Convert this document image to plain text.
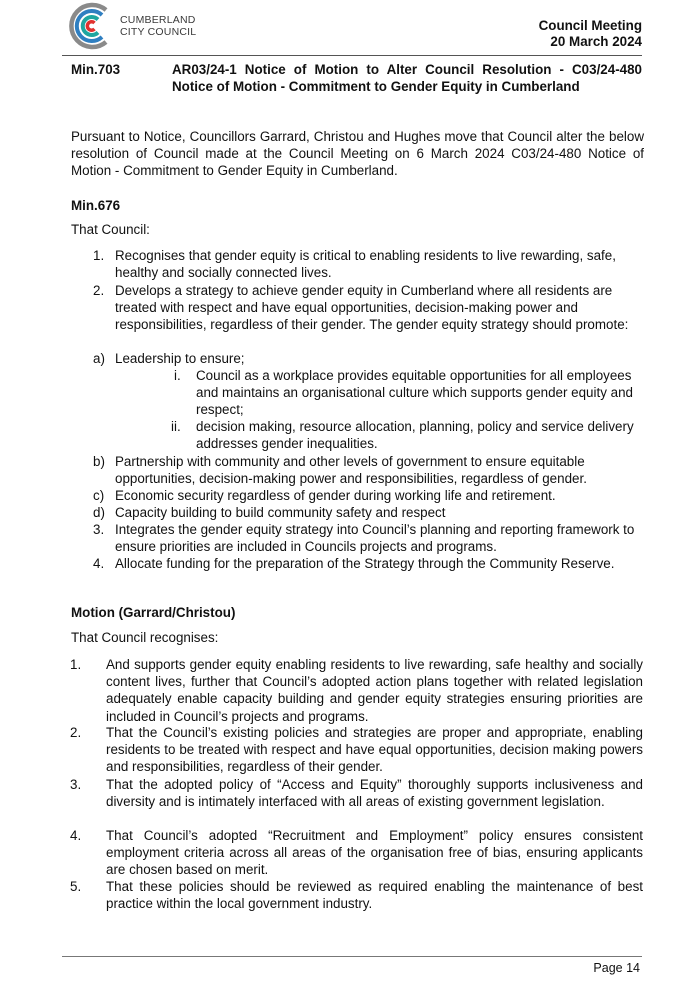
CUMBERLAND
CITY COUNCIL	Council Meeting
20 March 2024
Min.703	AR03/24-1 Notice of Motion to Alter Council Resolution - C03/24-480 Notice of Motion - Commitment to Gender Equity in Cumberland
Pursuant to Notice, Councillors Garrard, Christou and Hughes move that Council alter the below resolution of Council made at the Council Meeting on 6 March 2024 C03/24-480 Notice of Motion - Commitment to Gender Equity in Cumberland.
Min.676
That Council:
1. Recognises that gender equity is critical to enabling residents to live rewarding, safe, healthy and socially connected lives.
2. Develops a strategy to achieve gender equity in Cumberland where all residents are treated with respect and have equal opportunities, decision-making power and responsibilities, regardless of their gender. The gender equity strategy should promote:
a) Leadership to ensure;
i. Council as a workplace provides equitable opportunities for all employees and maintains an organisational culture which supports gender equity and respect;
ii. decision making, resource allocation, planning, policy and service delivery addresses gender inequalities.
b) Partnership with community and other levels of government to ensure equitable opportunities, decision-making power and responsibilities, regardless of gender.
c) Economic security regardless of gender during working life and retirement.
d) Capacity building to build community safety and respect
3. Integrates the gender equity strategy into Council’s planning and reporting framework to ensure priorities are included in Councils projects and programs.
4. Allocate funding for the preparation of the Strategy through the Community Reserve.
Motion (Garrard/Christou)
That Council recognises:
1. And supports gender equity enabling residents to live rewarding, safe healthy and socially content lives, further that Council’s adopted action plans together with related legislation adequately enable capacity building and gender equity strategies ensuring priorities are included in Council’s projects and programs.
2. That the Council’s existing policies and strategies are proper and appropriate, enabling residents to be treated with respect and have equal opportunities, decision making powers and responsibilities, regardless of their gender.
3. That the adopted policy of “Access and Equity” thoroughly supports inclusiveness and diversity and is intimately interfaced with all areas of existing government legislation.
4. That Council’s adopted “Recruitment and Employment” policy ensures consistent employment criteria across all areas of the organisation free of bias, ensuring applicants are chosen based on merit.
5. That these policies should be reviewed as required enabling the maintenance of best practice within the local government industry.
Page 14
